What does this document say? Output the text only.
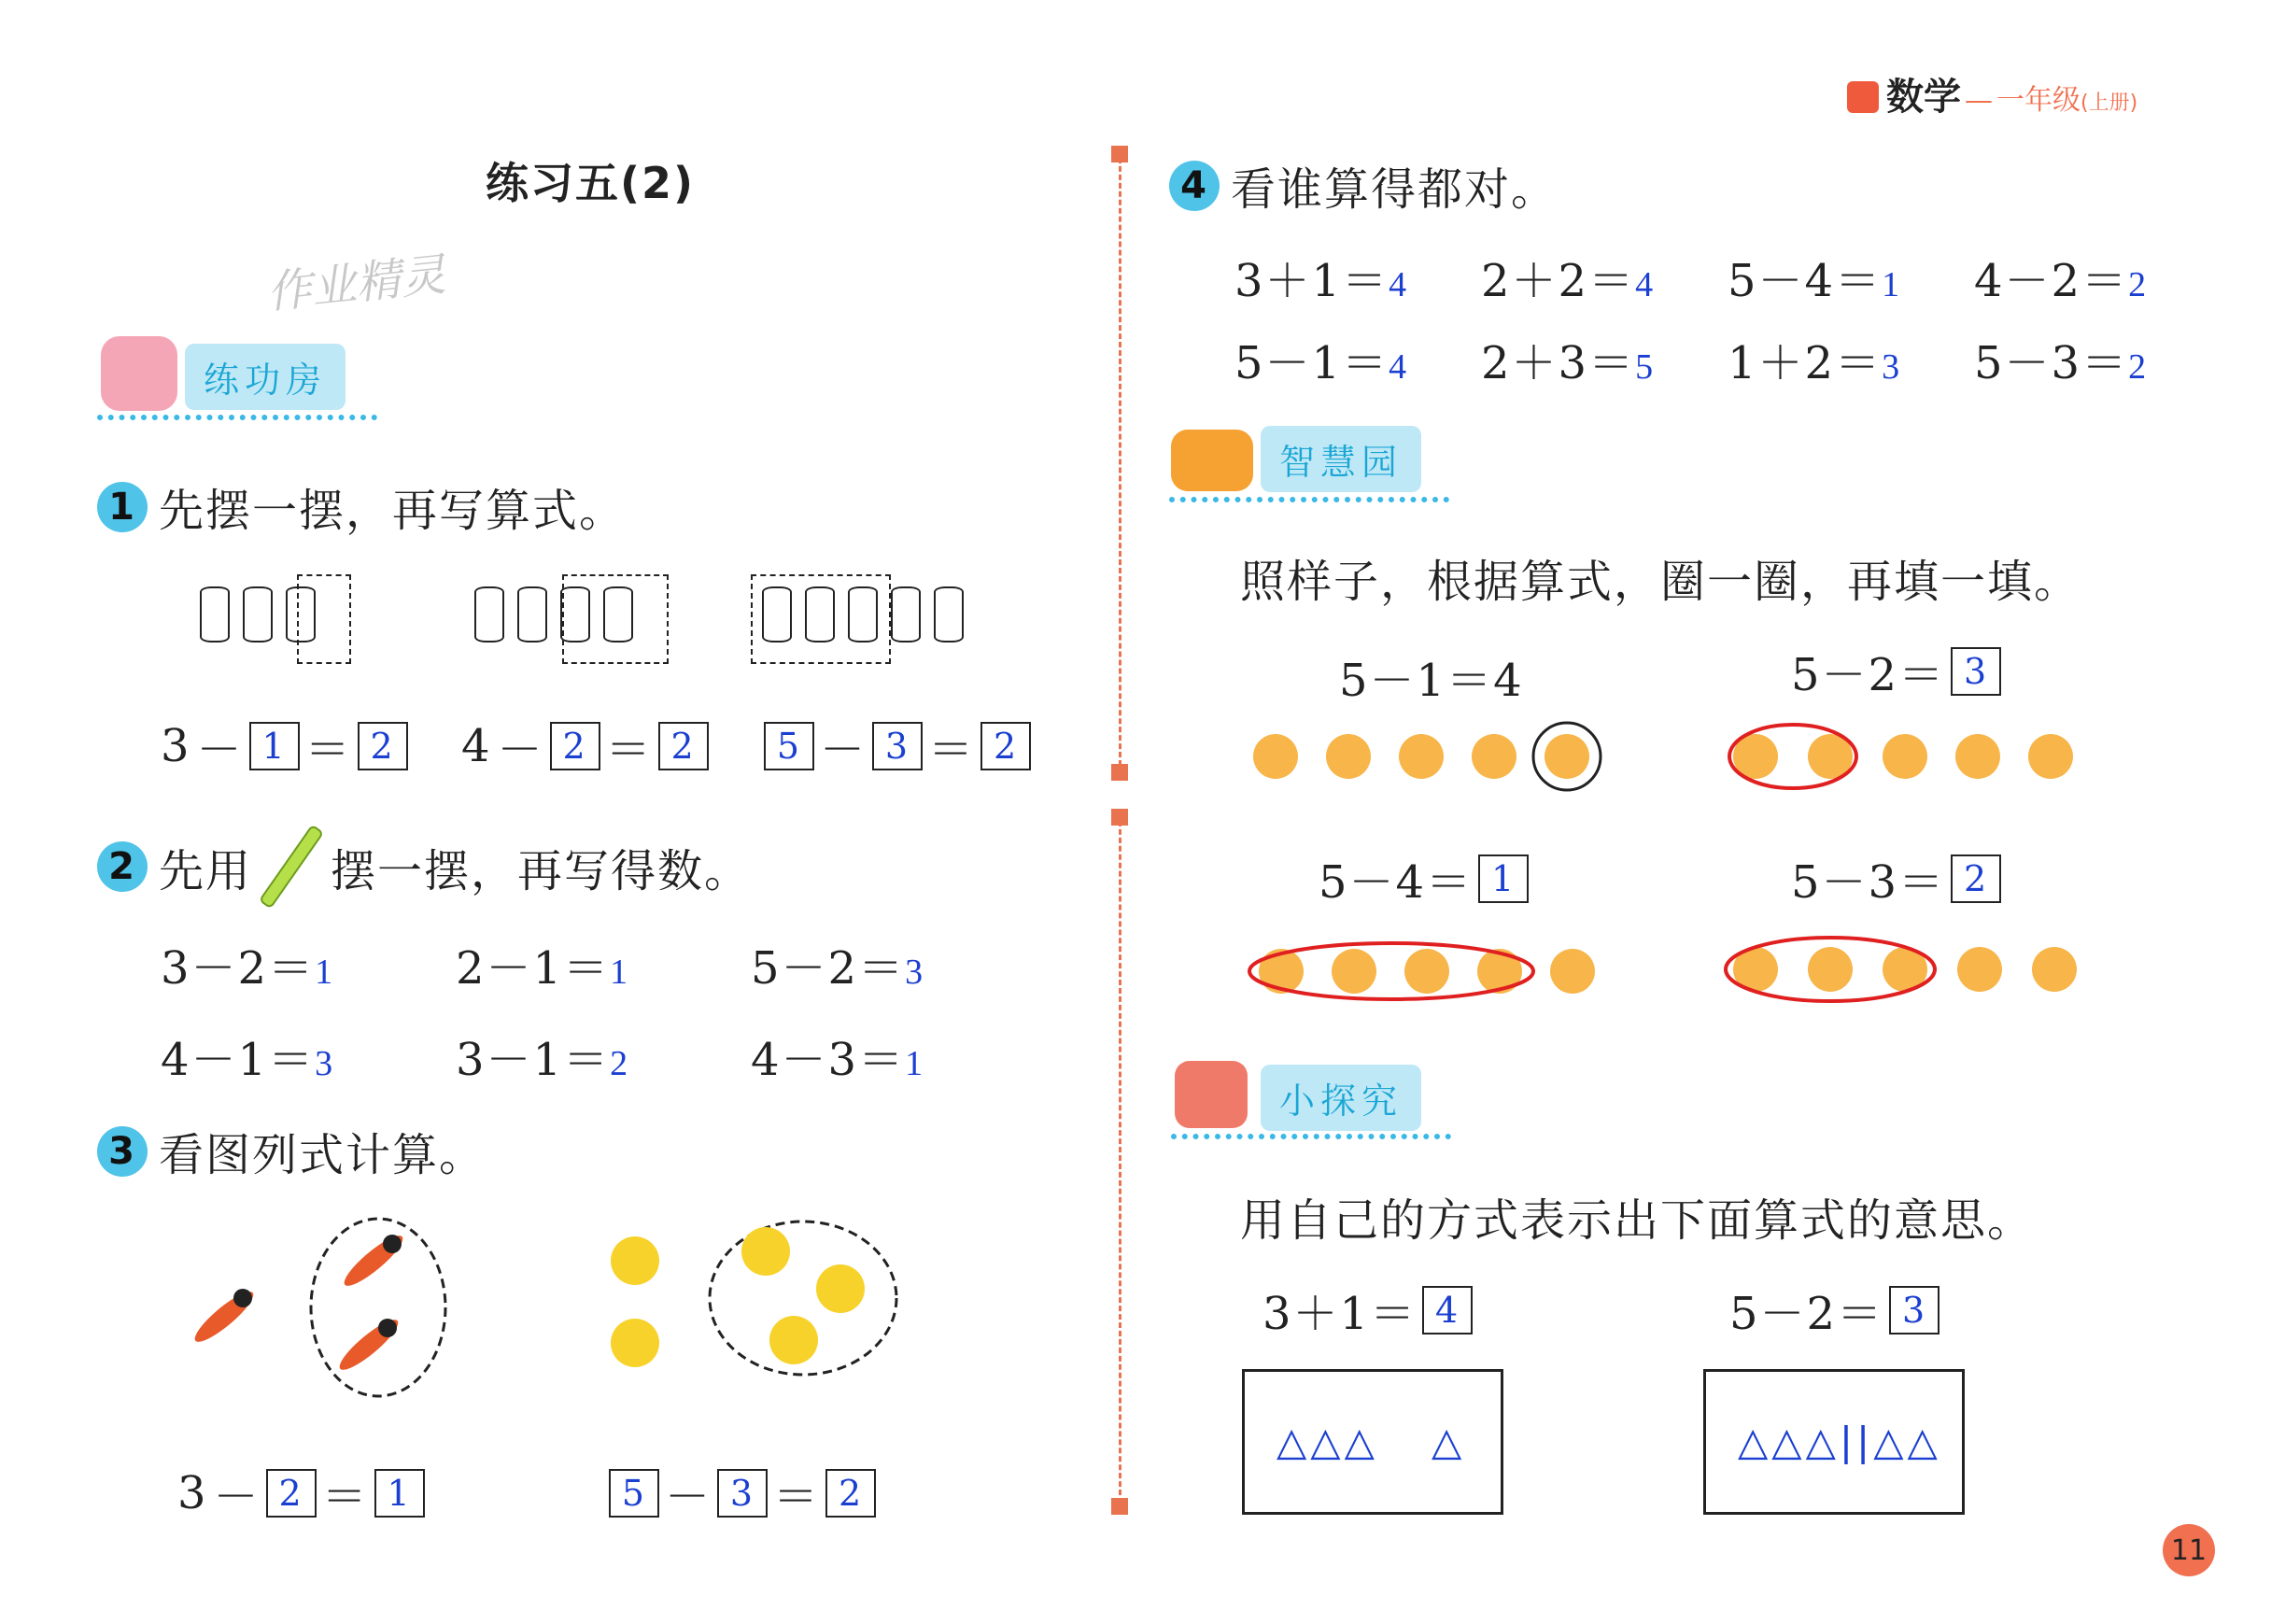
数学 — 一年级 (上册)
练习五(2)
作业精灵
练功房
1 先摆一摆，再写算式。
3 － 1 ＝ 2 4 － 2 ＝ 2	5 － 3 ＝ 2
2 先用 摆一摆，再写得数。
3－2＝1	2－1＝1	5－2＝3
4－1＝3	3－1＝2	4－3＝1
3 看图列式计算。
3 － 2 ＝ 1	5 － 3 ＝ 2
4 看谁算得都对。
3＋1＝4 2＋2＝4 5－4＝1 4－2＝2
5－1＝4 2＋3＝5 1＋2＝3 5－3＝2
智慧园
照样子，根据算式，圈一圈，再填一填。
5－1＝4	5－2＝ 3
5－4＝ 1	5－3＝ 2
小探究
用自己的方式表示出下面算式的意思。
3＋1＝ 4	5－2＝ 3
△△△ △	△△△||△△
11
